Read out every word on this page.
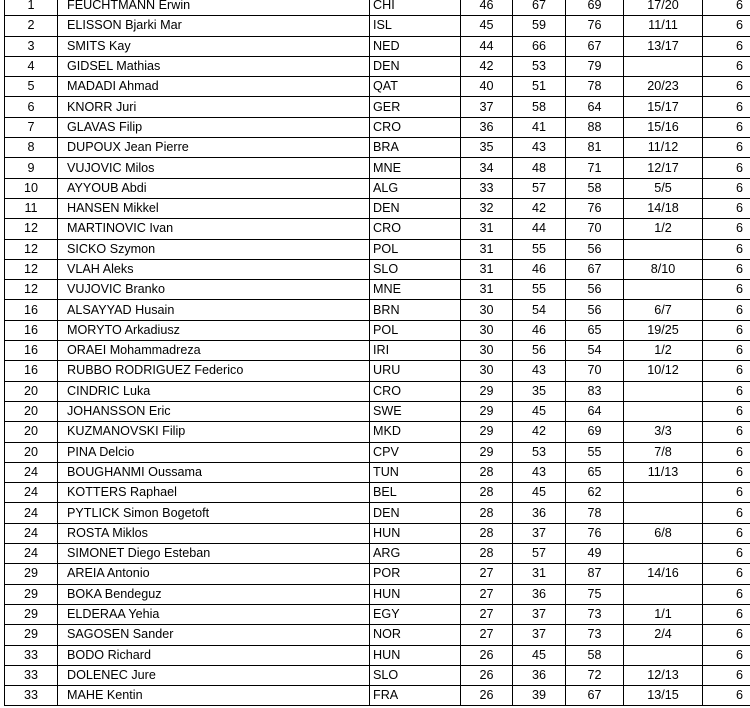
1	FEUCHTMANN Erwin	CHI	46	67	69	17/20	6
2	ELISSON Bjarki Mar	ISL	45	59	76	11/11	6
3	SMITS Kay	NED	44	66	67	13/17	6
4	GIDSEL Mathias	DEN	42	53	79		6
5	MADADI Ahmad	QAT	40	51	78	20/23	6
6	KNORR Juri	GER	37	58	64	15/17	6
7	GLAVAS Filip	CRO	36	41	88	15/16	6
8	DUPOUX Jean Pierre	BRA	35	43	81	11/12	6
9	VUJOVIC Milos	MNE	34	48	71	12/17	6
10	AYYOUB Abdi	ALG	33	57	58	5/5	6
11	HANSEN Mikkel	DEN	32	42	76	14/18	6
12	MARTINOVIC Ivan	CRO	31	44	70	1/2	6
12	SICKO Szymon	POL	31	55	56		6
12	VLAH Aleks	SLO	31	46	67	8/10	6
12	VUJOVIC Branko	MNE	31	55	56		6
16	ALSAYYAD Husain	BRN	30	54	56	6/7	6
16	MORYTO Arkadiusz	POL	30	46	65	19/25	6
16	ORAEI Mohammadreza	IRI	30	56	54	1/2	6
16	RUBBO RODRIGUEZ Federico	URU	30	43	70	10/12	6
20	CINDRIC Luka	CRO	29	35	83		6
20	JOHANSSON Eric	SWE	29	45	64		6
20	KUZMANOVSKI Filip	MKD	29	42	69	3/3	6
20	PINA Delcio	CPV	29	53	55	7/8	6
24	BOUGHANMI Oussama	TUN	28	43	65	11/13	6
24	KOTTERS Raphael	BEL	28	45	62		6
24	PYTLICK Simon Bogetoft	DEN	28	36	78		6
24	ROSTA Miklos	HUN	28	37	76	6/8	6
24	SIMONET Diego Esteban	ARG	28	57	49		6
29	AREIA Antonio	POR	27	31	87	14/16	6
29	BOKA Bendeguz	HUN	27	36	75		6
29	ELDERAA Yehia	EGY	27	37	73	1/1	6
29	SAGOSEN Sander	NOR	27	37	73	2/4	6
33	BODO Richard	HUN	26	45	58		6
33	DOLENEC Jure	SLO	26	36	72	12/13	6
33	MAHE Kentin	FRA	26	39	67	13/15	6
